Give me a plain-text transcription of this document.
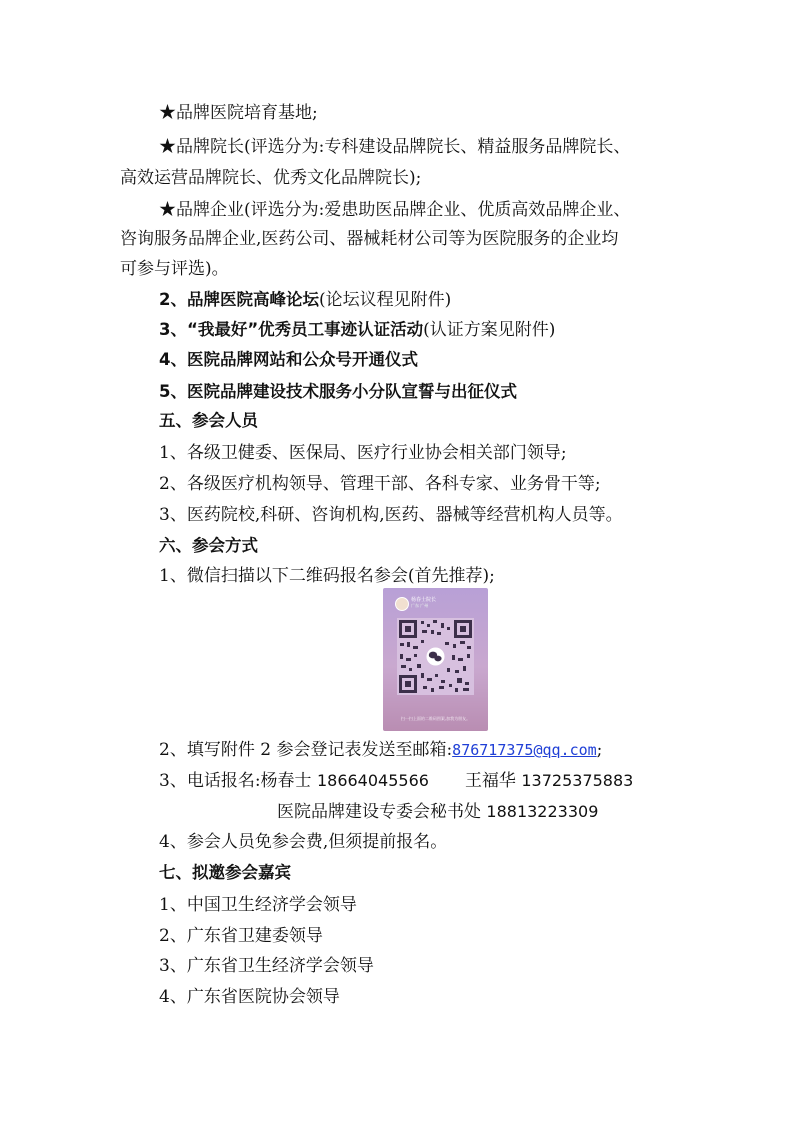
★品牌医院培育基地;
★品牌院长(评选分为:专科建设品牌院长、精益服务品牌院长、
高效运营品牌院长、优秀文化品牌院长);
★品牌企业(评选分为:爱患助医品牌企业、优质高效品牌企业、
咨询服务品牌企业,医药公司、器械耗材公司等为医院服务的企业均
可参与评选)。
2、品牌医院高峰论坛(论坛议程见附件)
3、“我最好”优秀员工事迹认证活动(认证方案见附件)
4、医院品牌网站和公众号开通仪式
5、医院品牌建设技术服务小分队宣誓与出征仪式
五、参会人员
1、各级卫健委、医保局、医疗行业协会相关部门领导;
2、各级医疗机构领导、管理干部、各科专家、业务骨干等;
3、医药院校,科研、咨询机构,医药、器械等经营机构人员等。
六、参会方式
1、微信扫描以下二维码报名参会(首先推荐);
杨春士院长
广东 广州
扫一扫上面的二维码图案,加我为朋友。
2、填写附件 2 参会登记表发送至邮箱:876717375@qq.com;
3、电话报名:杨春士 18664045566 王福华 13725375883
医院品牌建设专委会秘书处 18813223309
4、参会人员免参会费,但须提前报名。
七、拟邀参会嘉宾
1、中国卫生经济学会领导
2、广东省卫建委领导
3、广东省卫生经济学会领导
4、广东省医院协会领导
